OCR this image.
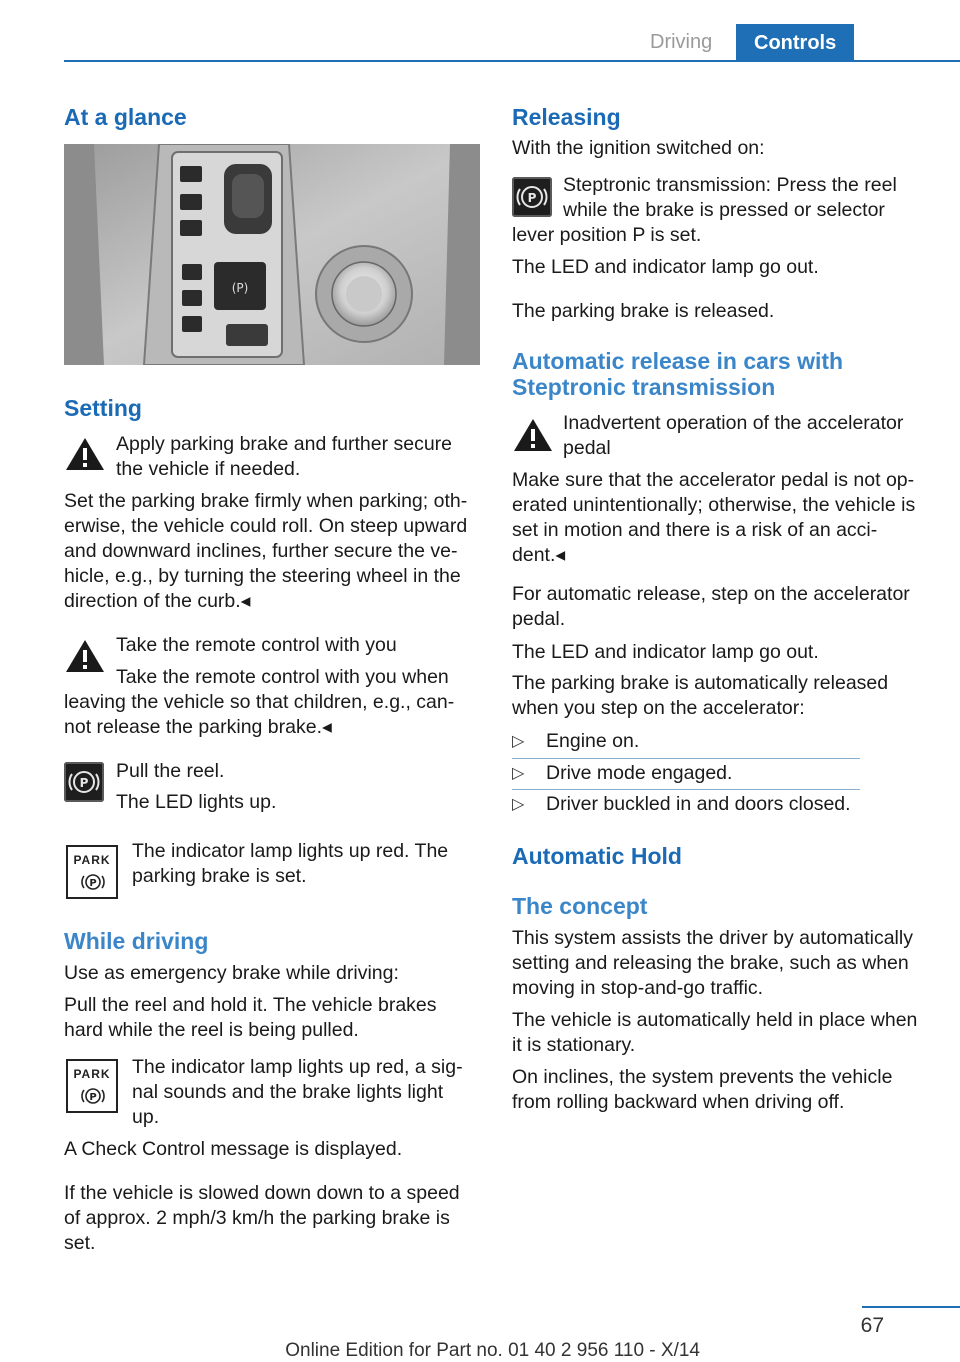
Driving	Controls
At a glance
(P)
Setting
Apply parking brake and further secure
the vehicle if needed.
Set the parking brake firmly when parking; oth-
erwise, the vehicle could roll. On steep upward
and downward inclines, further secure the ve-
hicle, e.g., by turning the steering wheel in the
direction of the curb.◂
Take the remote control with you
Take the remote control with you when
leaving the vehicle so that children, e.g., can-
not release the parking brake.◂
P
Pull the reel.
The LED lights up.
PARK
P
The indicator lamp lights up red. The
parking brake is set.
While driving
Use as emergency brake while driving:
Pull the reel and hold it. The vehicle brakes
hard while the reel is being pulled.
PARK
P
The indicator lamp lights up red, a sig-
nal sounds and the brake lights light
up.
A Check Control message is displayed.
If the vehicle is slowed down down to a speed
of approx. 2 mph/3 km/h the parking brake is
set.
Releasing
With the ignition switched on:
P
Steptronic transmission: Press the reel
while the brake is pressed or selector
lever position P is set.
The LED and indicator lamp go out.
The parking brake is released.
Automatic release in cars with
Steptronic transmission
Inadvertent operation of the accelerator
pedal
Make sure that the accelerator pedal is not op-
erated unintentionally; otherwise, the vehicle is
set in motion and there is a risk of an acci-
dent.◂
For automatic release, step on the accelerator
pedal.
The LED and indicator lamp go out.
The parking brake is automatically released
when you step on the accelerator:
▷ Engine on.
▷ Drive mode engaged.
▷ Driver buckled in and doors closed.
Automatic Hold
The concept
This system assists the driver by automatically
setting and releasing the brake, such as when
moving in stop-and-go traffic.
The vehicle is automatically held in place when
it is stationary.
On inclines, the system prevents the vehicle
from rolling backward when driving off.
67
Online Edition for Part no. 01 40 2 956 110 - X/14
